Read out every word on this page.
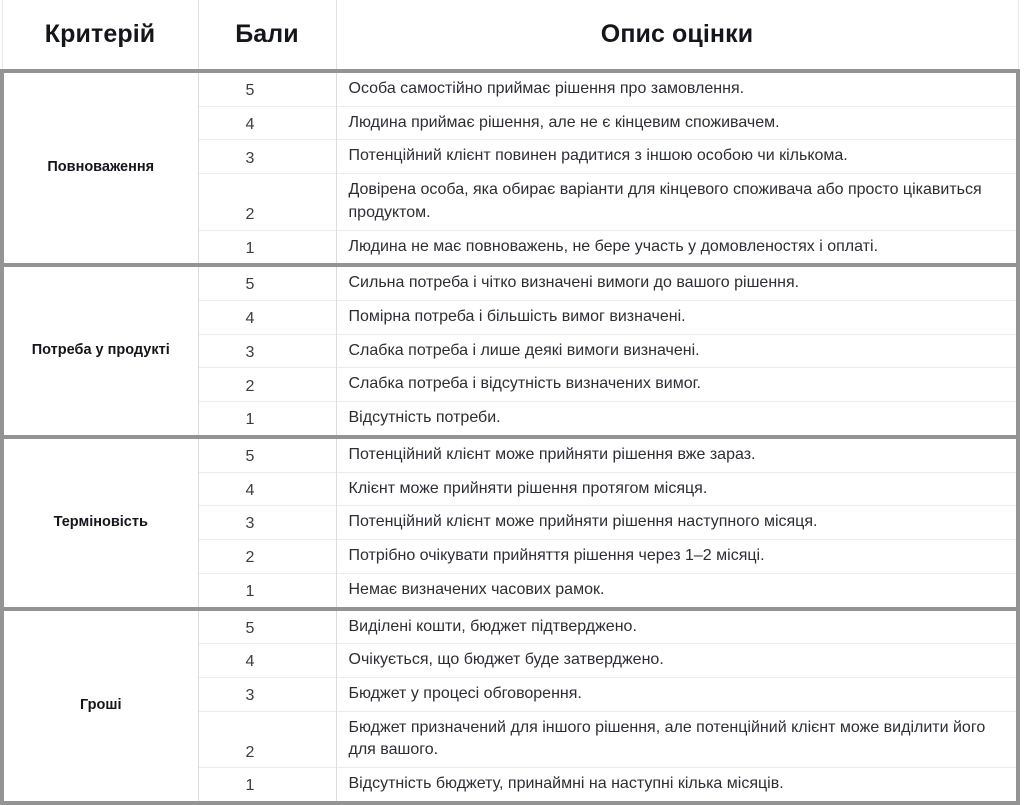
Критерій	Бали	Опис оцінки
Повноваження	5	Особа самостійно приймає рішення про замовлення.
	4	Людина приймає рішення, але не є кінцевим споживачем.
	3	Потенційний клієнт повинен радитися з іншою особою чи кількома.
	2	Довірена особа, яка обирає варіанти для кінцевого споживача або просто цікавиться продуктом.
	1	Людина не має повноважень, не бере участь у домовленостях і оплаті.
Потреба у продукті	5	Сильна потреба і чітко визначені вимоги до вашого рішення.
	4	Помірна потреба і більшість вимог визначені.
	3	Слабка потреба і лише деякі вимоги визначені.
	2	Слабка потреба і відсутність визначених вимог.
	1	Відсутність потреби.
Терміновість	5	Потенційний клієнт може прийняти рішення вже зараз.
	4	Клієнт може прийняти рішення протягом місяця.
	3	Потенційний клієнт може прийняти рішення наступного місяця.
	2	Потрібно очікувати прийняття рішення через 1–2 місяці.
	1	Немає визначених часових рамок.
Гроші	5	Виділені кошти, бюджет підтверджено.
	4	Очікується, що бюджет буде затверджено.
	3	Бюджет у процесі обговорення.
	2	Бюджет призначений для іншого рішення, але потенційний клієнт може виділити його для вашого.
	1	Відсутність бюджету, принаймні на наступні кілька місяців.
